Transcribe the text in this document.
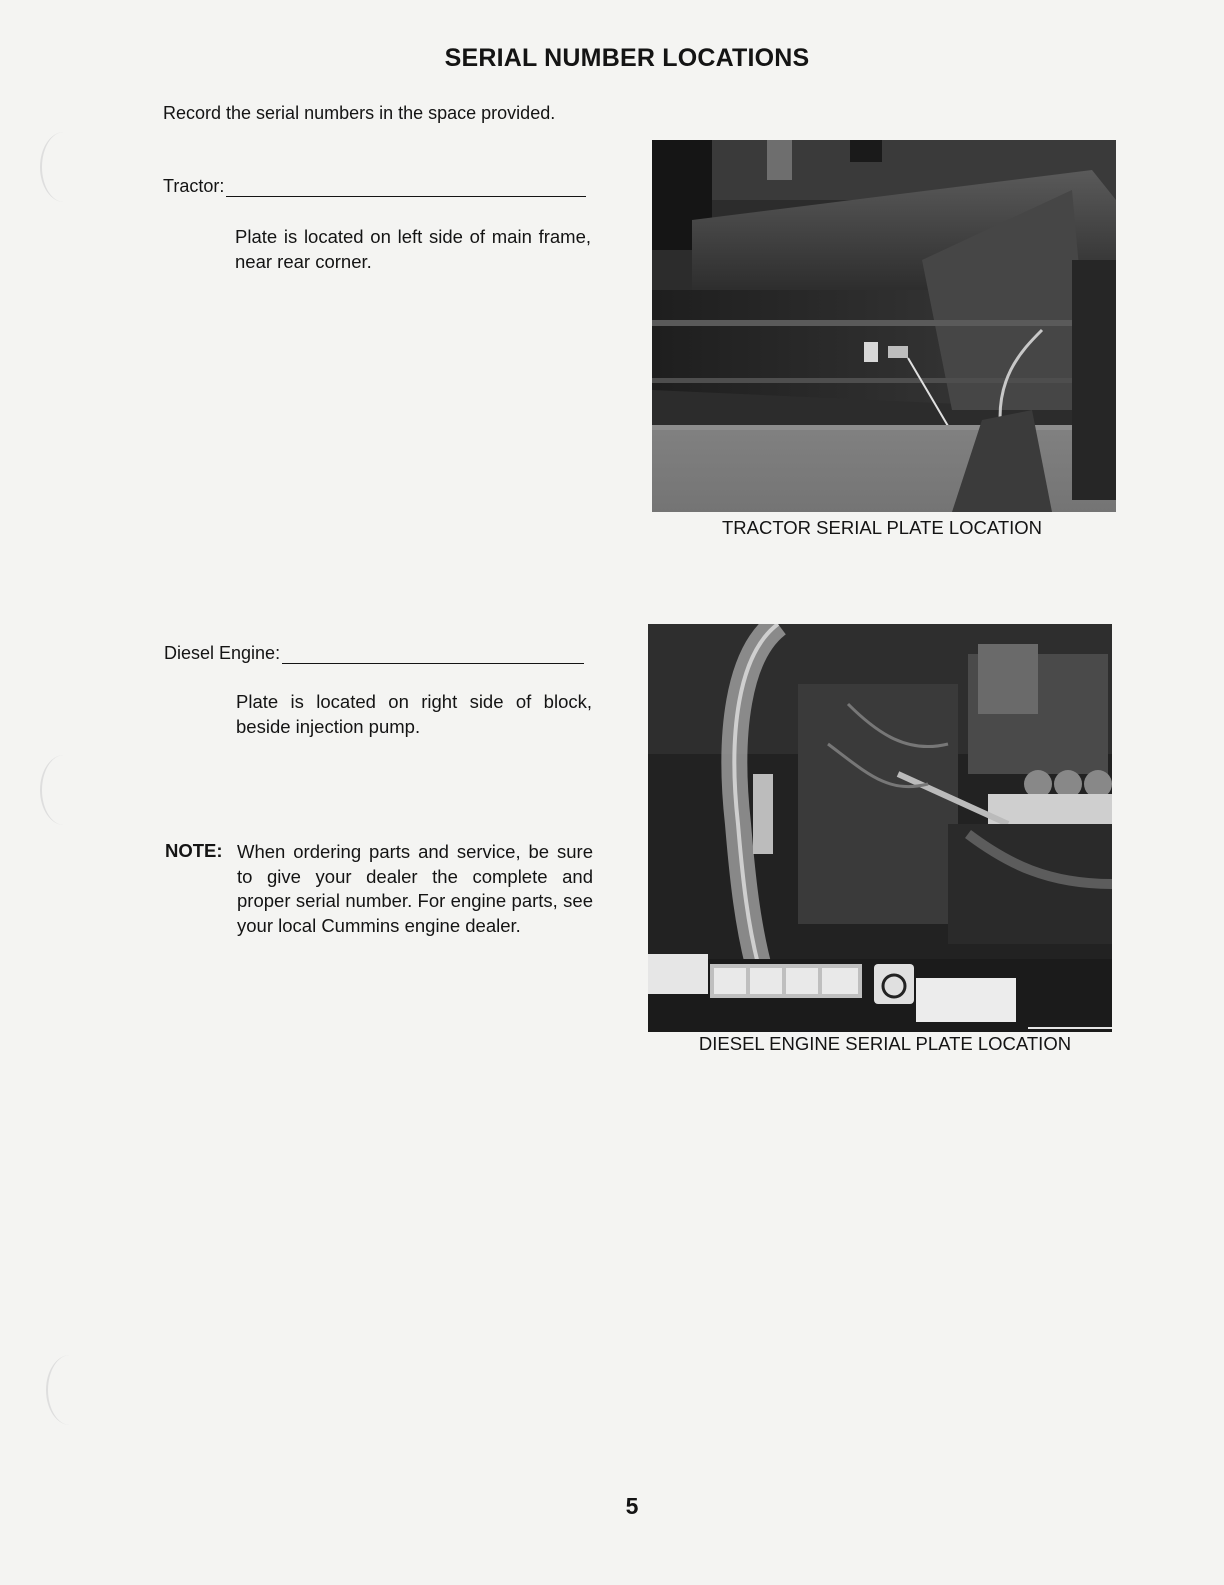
SERIAL NUMBER LOCATIONS
Record the serial numbers in the space provided.
Tractor:
Plate is located on left side of main frame, near rear corner.
TRACTOR SERIAL PLATE LOCATION
Diesel Engine:
Plate is located on right side of block, beside injection pump.
NOTE: When ordering parts and service, be sure to give your dealer the complete and proper serial number. For engine parts, see your local Cummins engine dealer.
DIESEL ENGINE SERIAL PLATE LOCATION
5
